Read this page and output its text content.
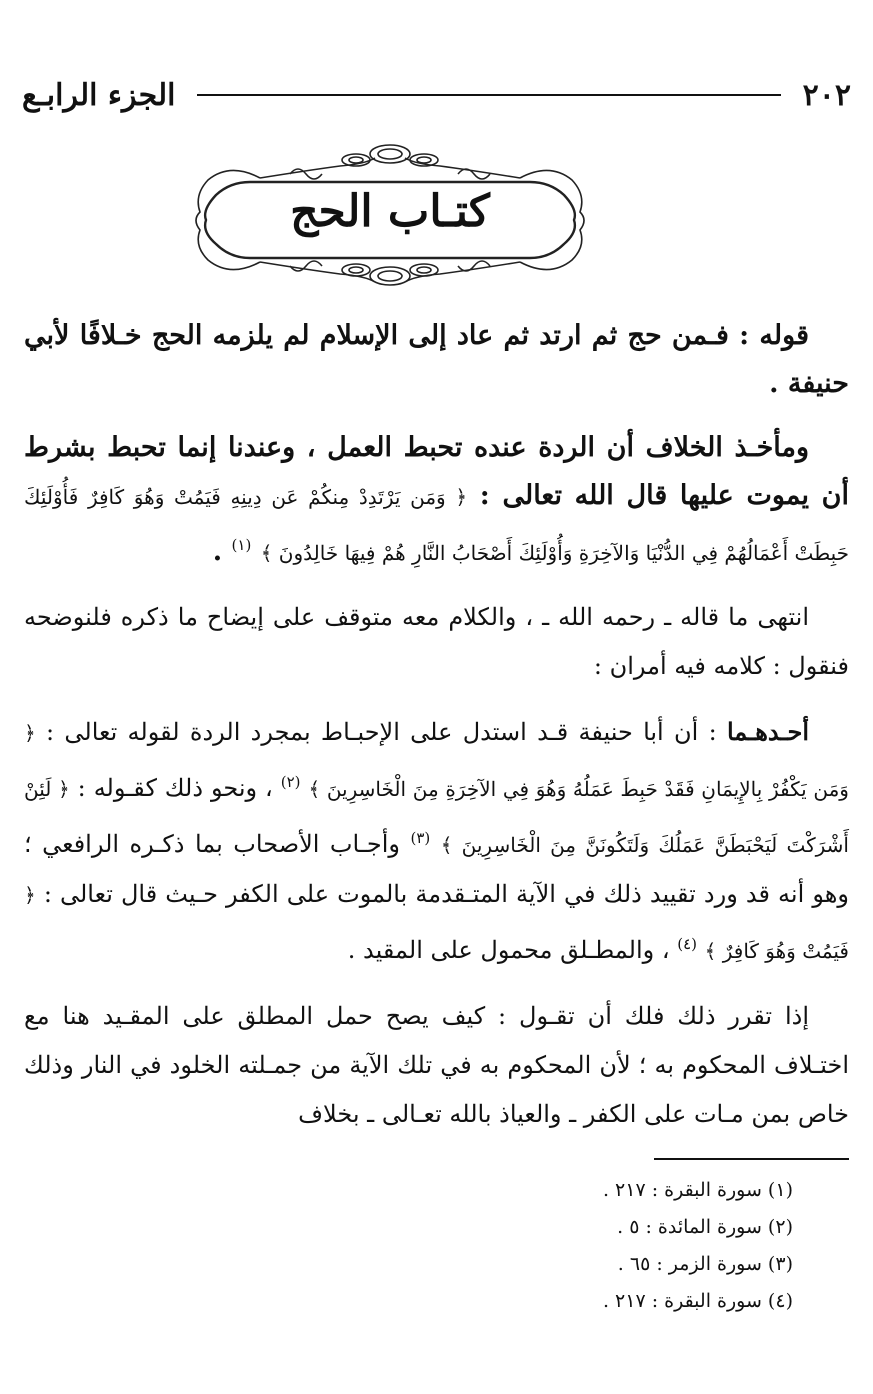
٢٠٢
الجزء الرابـع
كتـاب الحج

قوله : فـمن حج ثم ارتد ثم عاد إلى الإسلام لم يلزمه الحج خـلافًا لأبي حنيفة .

ومأخـذ الخلاف أن الردة عنده تحبط العمل ، وعندنا إنما تحبط بشرط أن يموت عليها قال الله تعالى : ﴿ وَمَن يَرْتَدِدْ مِنكُمْ عَن دِينِهِ فَيَمُتْ وَهُوَ كَافِرٌ فَأُوْلَئِكَ حَبِطَتْ أَعْمَالُهُمْ فِي الدُّنْيَا وَالآخِرَةِ وَأُوْلَئِكَ أَصْحَابُ النَّارِ هُمْ فِيهَا خَالِدُونَ ﴾ $^{(١)}$ .

انتهى ما قاله ـ رحمه الله ـ ، والكلام معه متوقف على إيضاح ما ذكره فلنوضحه فنقول : كلامه فيه أمران :

أحـدهـما : أن أبا حنيفة قـد استدل على الإحبـاط بمجرد الردة لقوله تعالى : ﴿ وَمَن يَكْفُرْ بِالإِيمَانِ فَقَدْ حَبِطَ عَمَلُهُ وَهُوَ فِي الآخِرَةِ مِنَ الْخَاسِرِينَ ﴾ $^{(٢)}$ ، ونحو ذلك كقـوله : ﴿ لَئِنْ أَشْرَكْتَ لَيَحْبَطَنَّ عَمَلُكَ وَلَتَكُونَنَّ مِنَ الْخَاسِرِينَ ﴾ $^{(٣)}$ وأجـاب الأصحاب بما ذكـره الرافعي ؛ وهو أنه قد ورد تقييد ذلك في الآية المتـقدمة بالموت على الكفر حـيث قال تعالى : ﴿ فَيَمُتْ وَهُوَ كَافِرٌ ﴾ $^{(٤)}$ ، والمطـلق محمول على المقيد .

إذا تقرر ذلك فلك أن تقـول : كيف يصح حمل المطلق على المقـيد هنا مع اختـلاف المحكوم به ؛ لأن المحكوم به في تلك الآية من جمـلته الخلود في النار وذلك خاص بمن مـات على الكفر ـ والعياذ بالله تعـالى ـ بخلاف

(١) سورة البقرة : ٢١٧ .

(٢) سورة المائدة : ٥ .

(٣) سورة الزمر : ٦٥ .

(٤) سورة البقرة : ٢١٧ .
